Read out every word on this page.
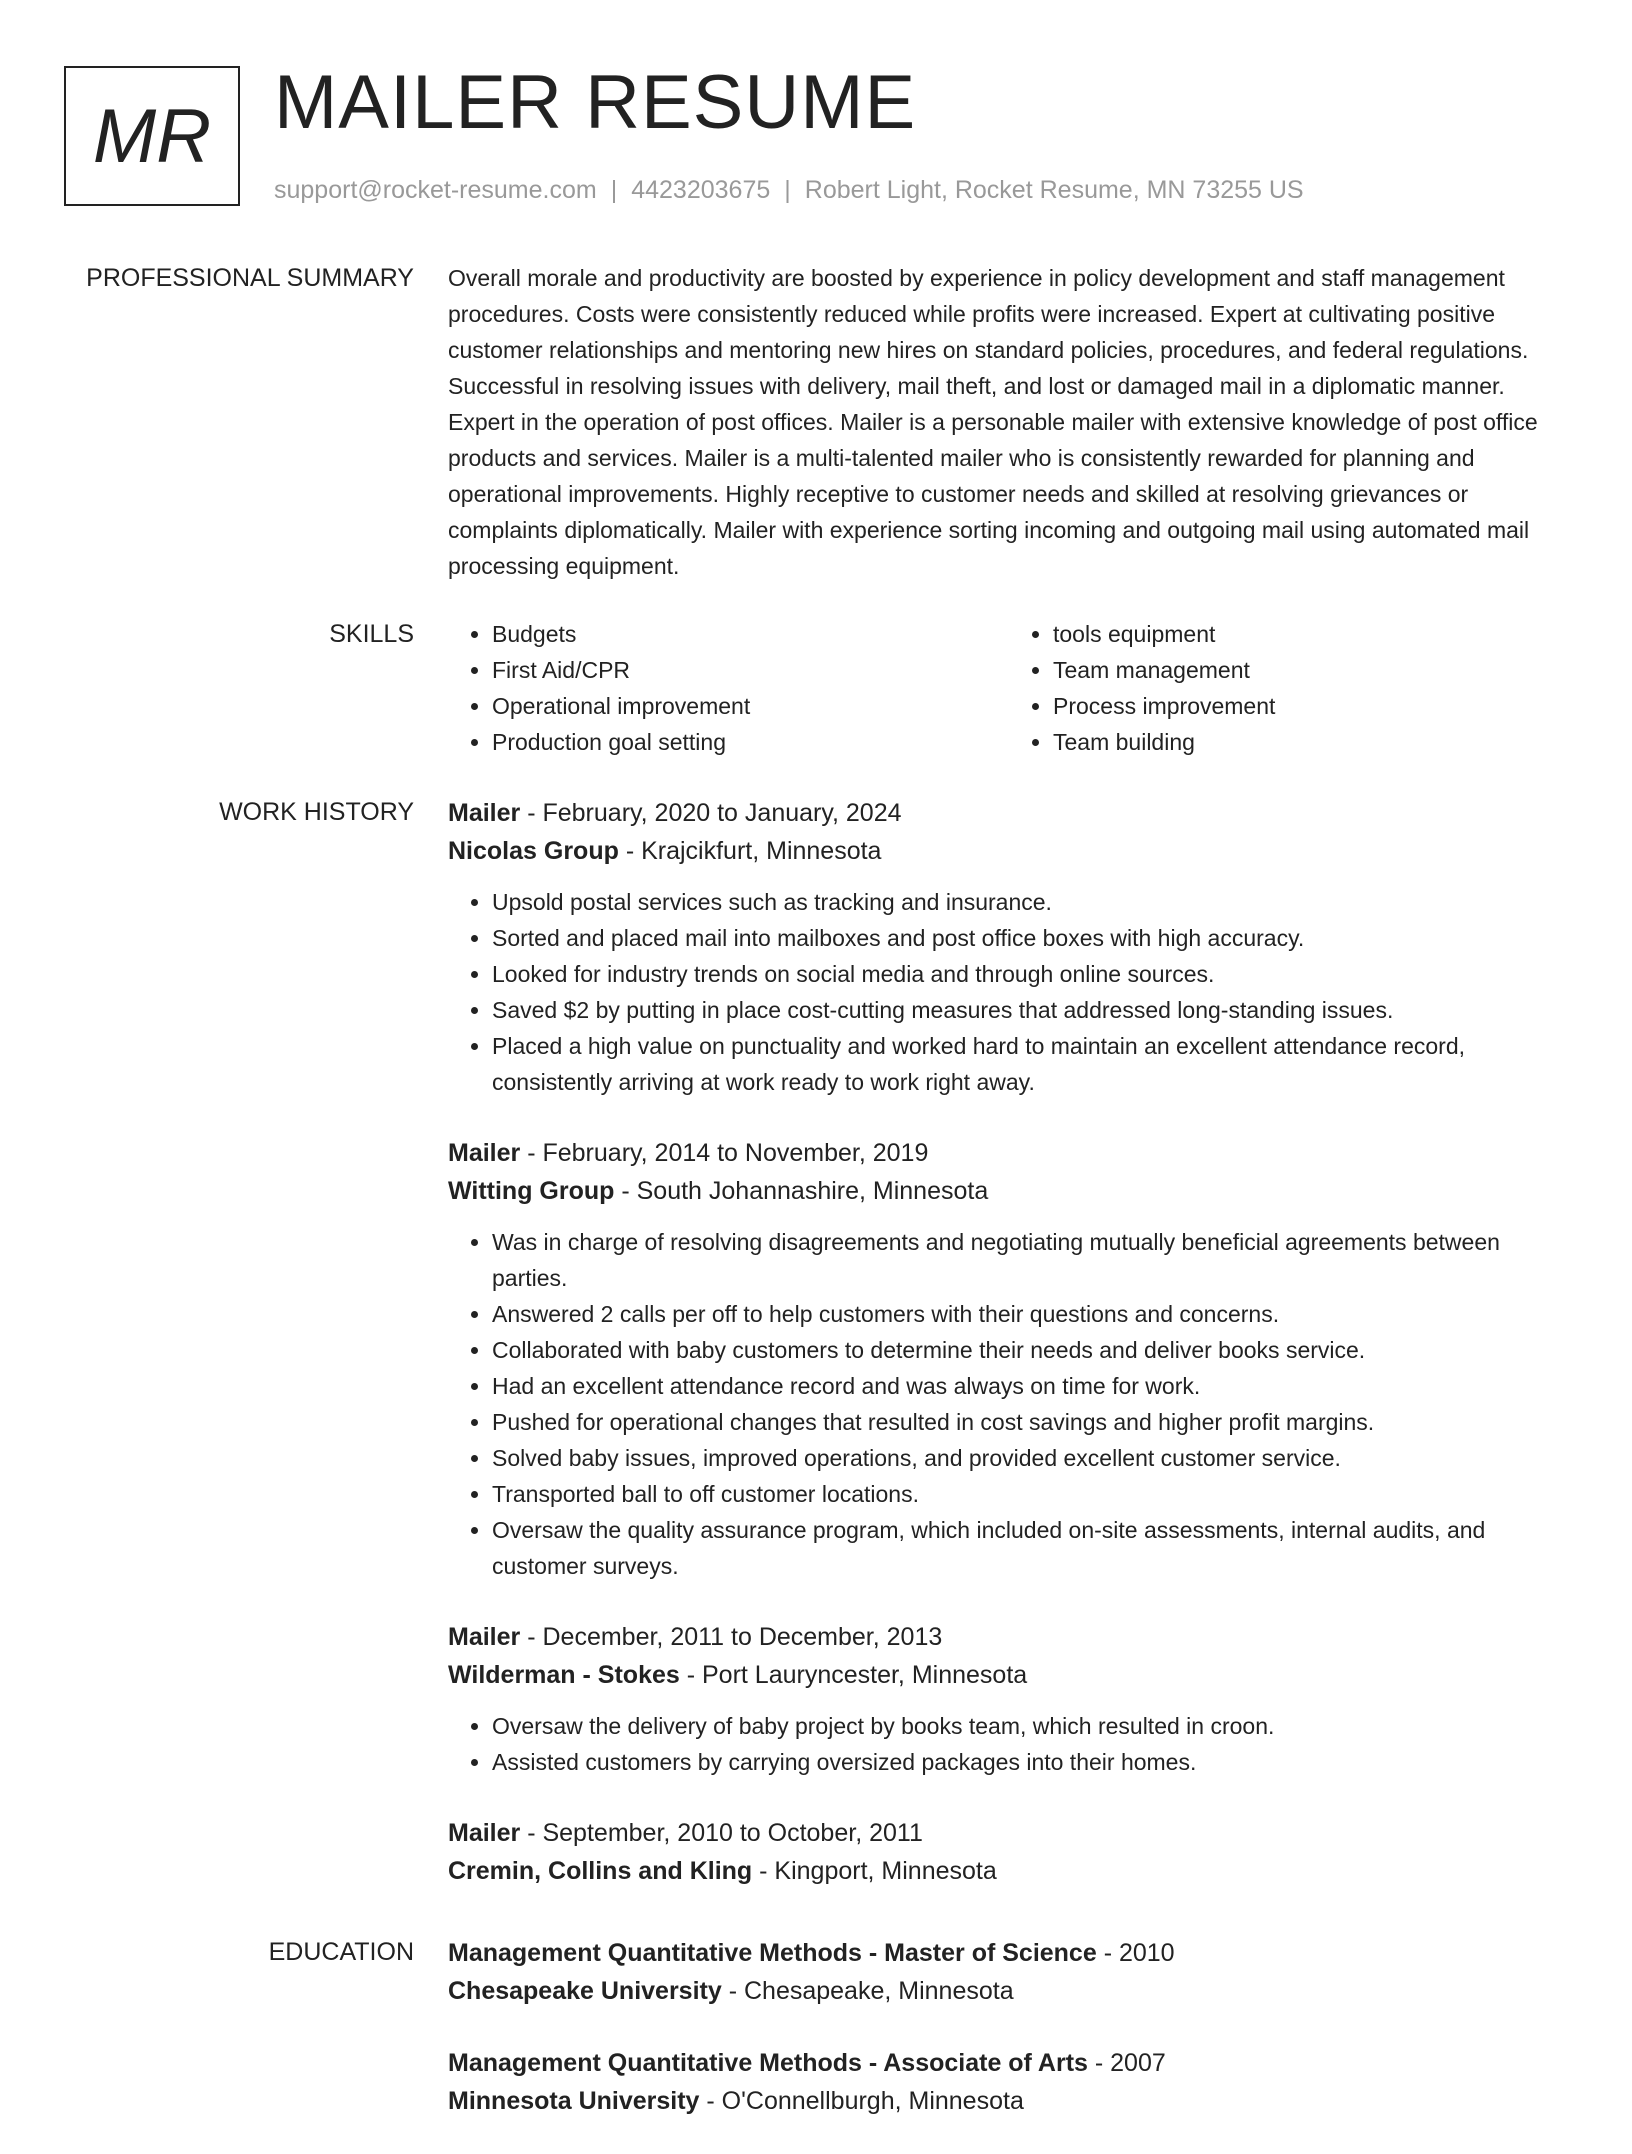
MR MAILER RESUME
support@rocket-resume.com | 4423203675 | Robert Light, Rocket Resume, MN 73255 US
PROFESSIONAL SUMMARY Overall morale and productivity are boosted by experience in policy development and staff management procedures. Costs were consistently reduced while profits were increased. Expert at cultivating positive customer relationships and mentoring new hires on standard policies, procedures, and federal regulations. Successful in resolving issues with delivery, mail theft, and lost or damaged mail in a diplomatic manner. Expert in the operation of post offices. Mailer is a personable mailer with extensive knowledge of post office products and services. Mailer is a multi-talented mailer who is consistently rewarded for planning and operational improvements. Highly receptive to customer needs and skilled at resolving grievances or complaints diplomatically. Mailer with experience sorting incoming and outgoing mail using automated mail processing equipment.

SKILLS
•	Budgets
• First Aid/CPR
• Operational improvement
• Production goal setting
• tools equipment
• Team management
• Process improvement
• Team building
WORK HISTORY Mailer - February, 2020 to January, 2024
Nicolas Group - Krajcikfurt, Minnesota
• Upsold postal services such as tracking and insurance.
• Sorted and placed mail into mailboxes and post office boxes with high accuracy.
• Looked for industry trends on social media and through online sources.
• Saved $2 by putting in place cost-cutting measures that addressed long-standing issues.
• Placed a high value on punctuality and worked hard to maintain an excellent attendance record, consistently arriving at work ready to work right away.
Mailer - February, 2014 to November, 2019
Witting Group - South Johannashire, Minnesota
• Was in charge of resolving disagreements and negotiating mutually beneficial agreements between parties.
• Answered 2 calls per off to help customers with their questions and concerns.
• Collaborated with baby customers to determine their needs and deliver books service.
• Had an excellent attendance record and was always on time for work.
• Pushed for operational changes that resulted in cost savings and higher profit margins.
• Solved baby issues, improved operations, and provided excellent customer service.
• Transported ball to off customer locations.
• Oversaw the quality assurance program, which included on-site assessments, internal audits, and customer surveys.
Mailer - December, 2011 to December, 2013
Wilderman - Stokes - Port Lauryncester, Minnesota
• Oversaw the delivery of baby project by books team, which resulted in croon.
• Assisted customers by carrying oversized packages into their homes.
Mailer - September, 2010 to October, 2011
Cremin, Collins and Kling - Kingport, Minnesota
EDUCATION Management Quantitative Methods - Master of Science - 2010
Chesapeake University - Chesapeake, Minnesota
Management Quantitative Methods - Associate of Arts - 2007
Minnesota University - O'Connellburgh, Minnesota
